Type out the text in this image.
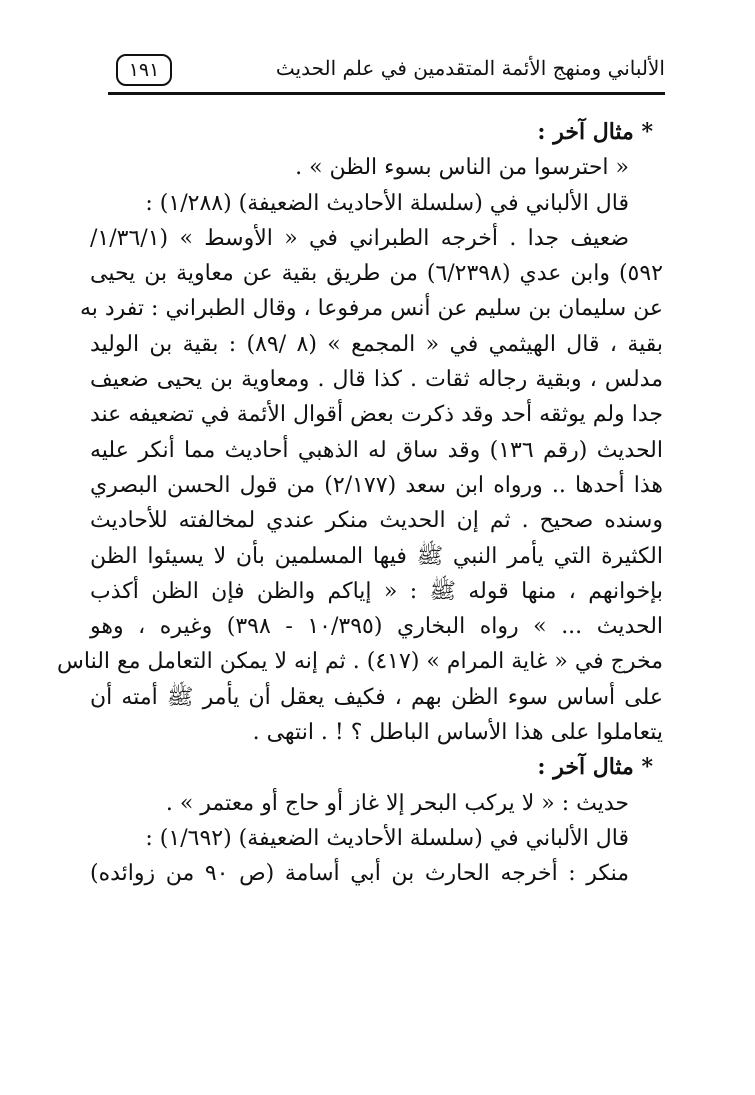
الألباني ومنهج الأئمة المتقدمين في علم الحديث
١٩١
* مثال آخر :
« احترسوا من الناس بسوء الظن » .
قال الألباني في (سلسلة الأحاديث الضعيفة) (١/٢٨٨) :
ضعيف جدا . أخرجه الطبراني في « الأوسط » (١/٣٦/١/
٥٩٢) وابن عدي (٦/٢٣٩٨) من طريق بقية عن معاوية بن يحيى
عن سليمان بن سليم عن أنس مرفوعا ، وقال الطبراني : تفرد به
بقية ، قال الهيثمي في « المجمع » (٨ /٨٩) : بقية بن الوليد
مدلس ، وبقية رجاله ثقات . كذا قال . ومعاوية بن يحيى ضعيف
جدا ولم يوثقه أحد وقد ذكرت بعض أقوال الأئمة في تضعيفه عند
الحديث (رقم ١٣٦) وقد ساق له الذهبي أحاديث مما أنكر عليه
هذا أحدها .. ورواه ابن سعد (٢/١٧٧) من قول الحسن البصري
وسنده صحيح . ثم إن الحديث منكر عندي لمخالفته للأحاديث
الكثيرة التي يأمر النبي ﷺ فيها المسلمين بأن لا يسيئوا الظن
بإخوانهم ، منها قوله ﷺ : « إياكم والظن فإن الظن أكذب
الحديث ... » رواه البخاري (١٠/٣٩٥ - ٣٩٨) وغيره ، وهو
مخرج في « غاية المرام » (٤١٧) . ثم إنه لا يمكن التعامل مع الناس
على أساس سوء الظن بهم ، فكيف يعقل أن يأمر ﷺ أمته أن
يتعاملوا على هذا الأساس الباطل ؟ ! . انتهى .
* مثال آخر :
حديث : « لا يركب البحر إلا غاز أو حاج أو معتمر » .
قال الألباني في (سلسلة الأحاديث الضعيفة) (١/٦٩٢) :
منكر : أخرجه الحارث بن أبي أسامة (ص ٩٠ من زوائده)
